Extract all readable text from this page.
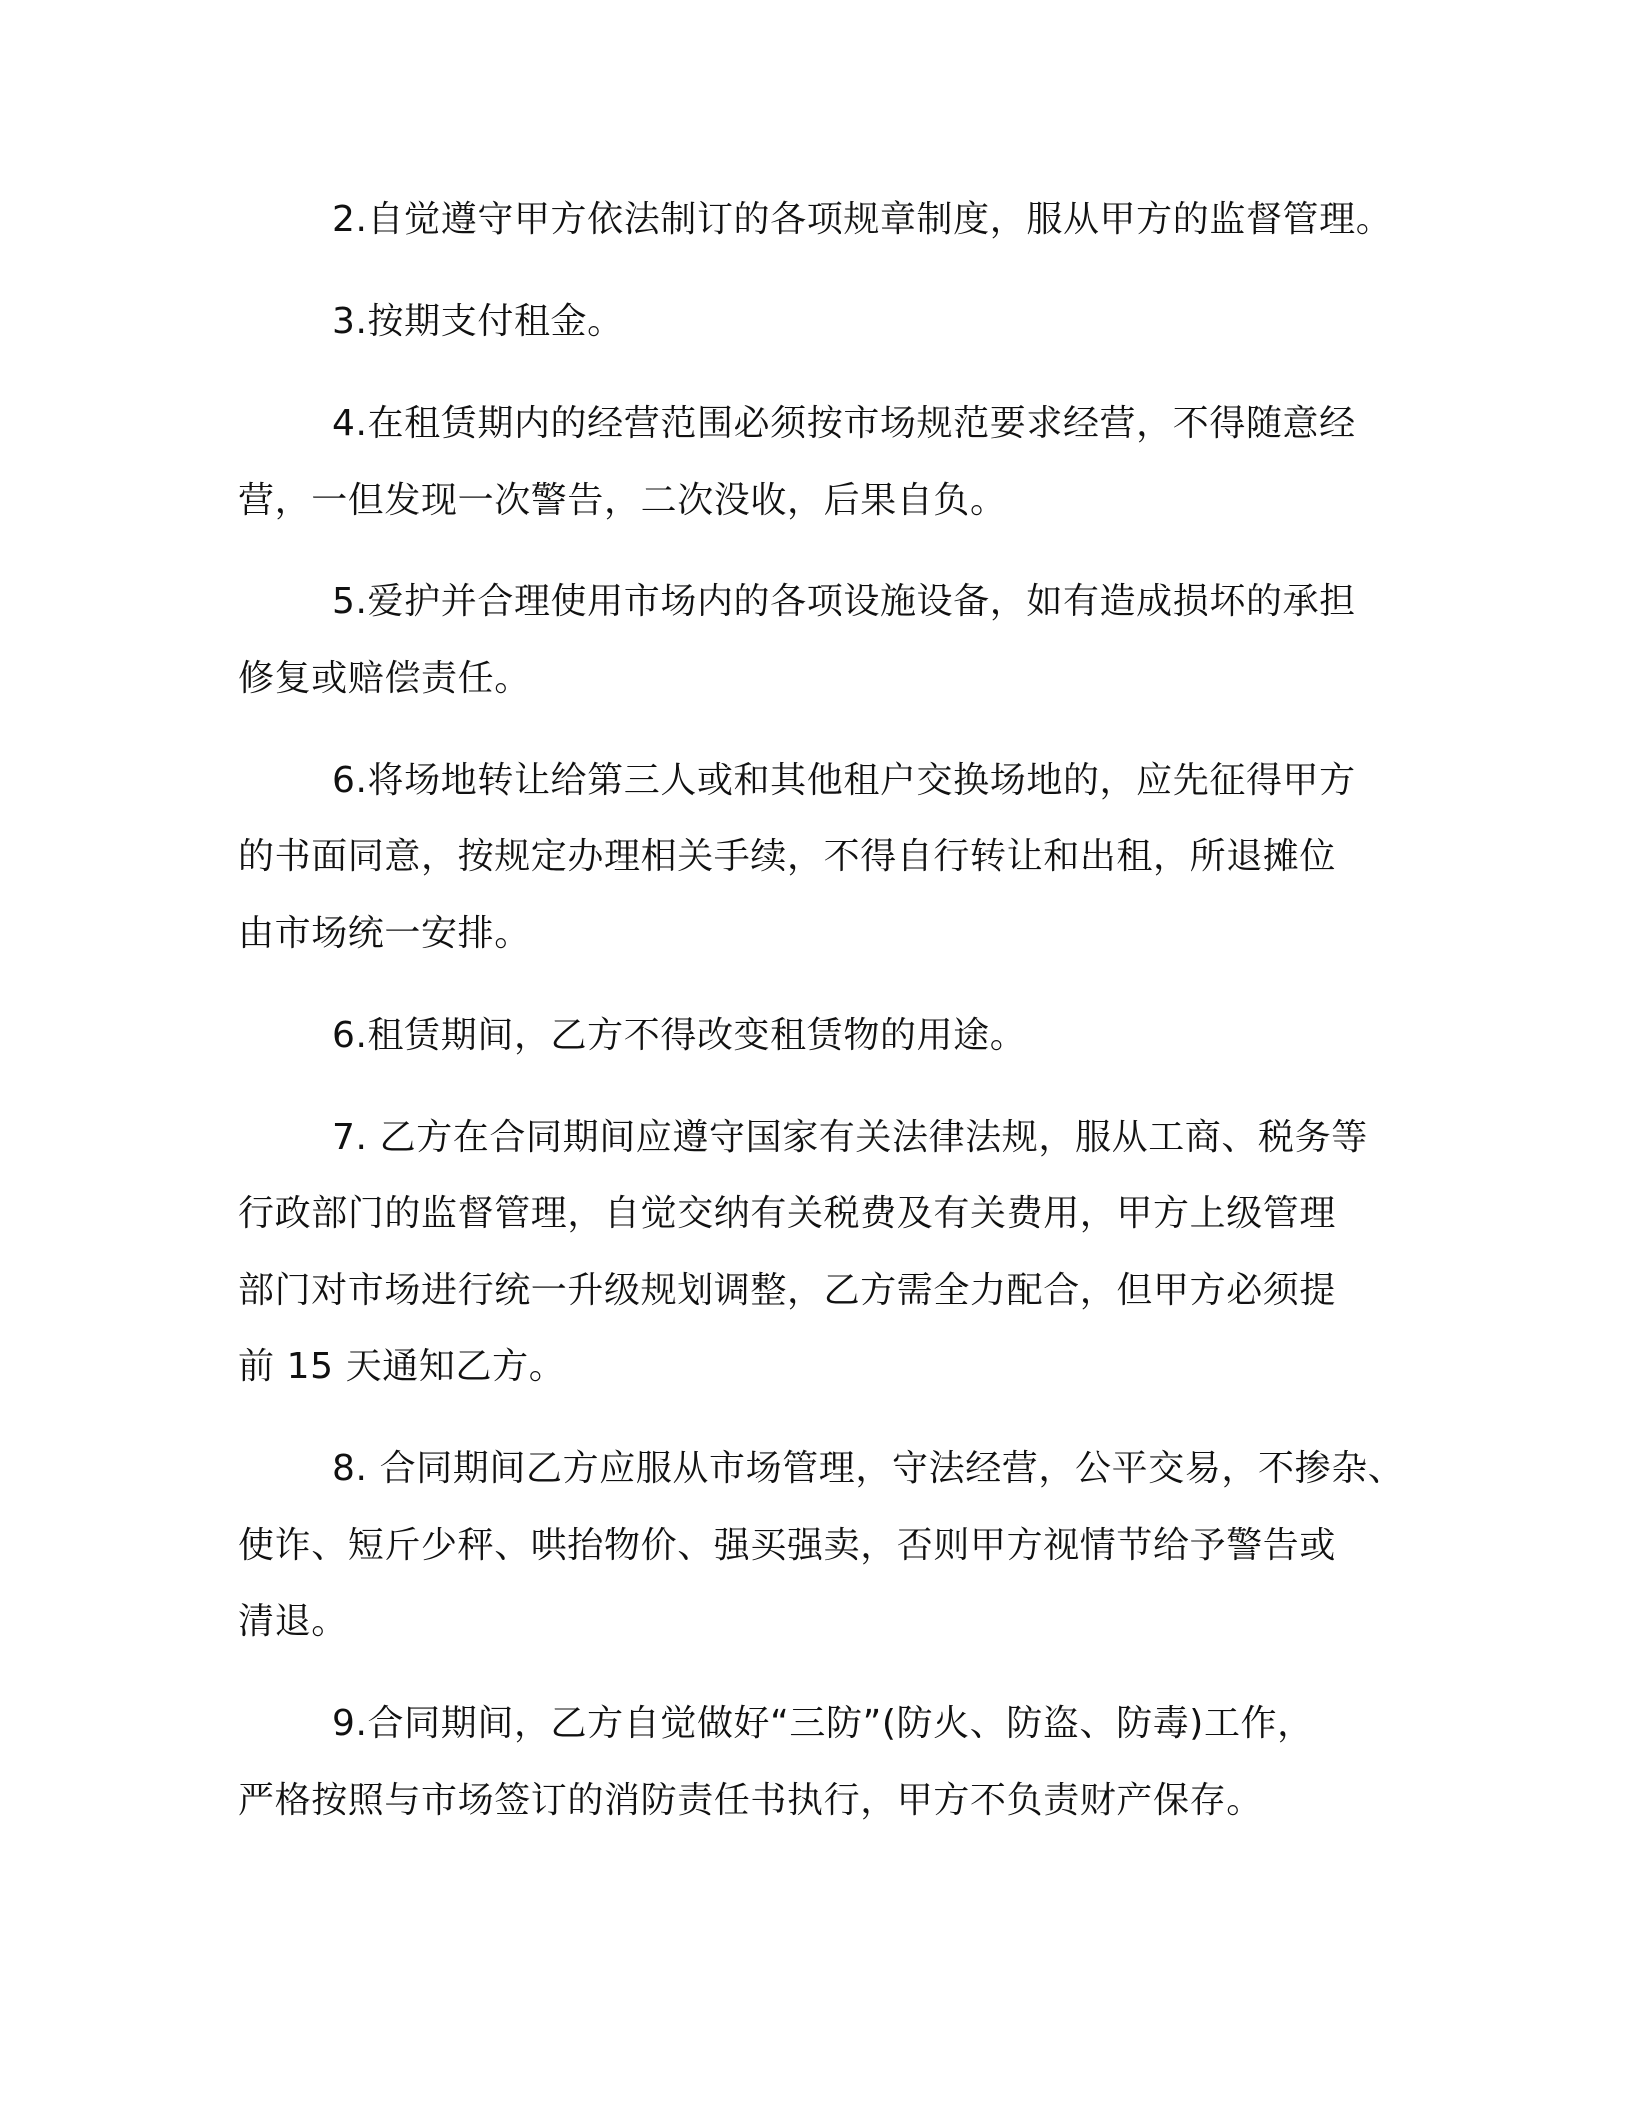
2.自觉遵守甲方依法制订的各项规章制度，服从甲方的监督管理。

3.按期支付租金。

4.在租赁期内的经营范围必须按市场规范要求经营，不得随意经

营，一但发现一次警告，二次没收，后果自负。

5.爱护并合理使用市场内的各项设施设备，如有造成损坏的承担

修复或赔偿责任。

6.将场地转让给第三人或和其他租户交换场地的，应先征得甲方

的书面同意，按规定办理相关手续，不得自行转让和出租，所退摊位

由市场统一安排。

6.租赁期间，乙方不得改变租赁物的用途。

7. 乙方在合同期间应遵守国家有关法律法规，服从工商、税务等

行政部门的监督管理，自觉交纳有关税费及有关费用，甲方上级管理

部门对市场进行统一升级规划调整，乙方需全力配合，但甲方必须提

前 15 天通知乙方。

8. 合同期间乙方应服从市场管理，守法经营，公平交易，不掺杂、

使诈、短斤少秤、哄抬物价、强买强卖，否则甲方视情节给予警告或

清退。

9.合同期间，乙方自觉做好“三防”(防火、防盗、防毒)工作，

严格按照与市场签订的消防责任书执行，甲方不负责财产保存。
